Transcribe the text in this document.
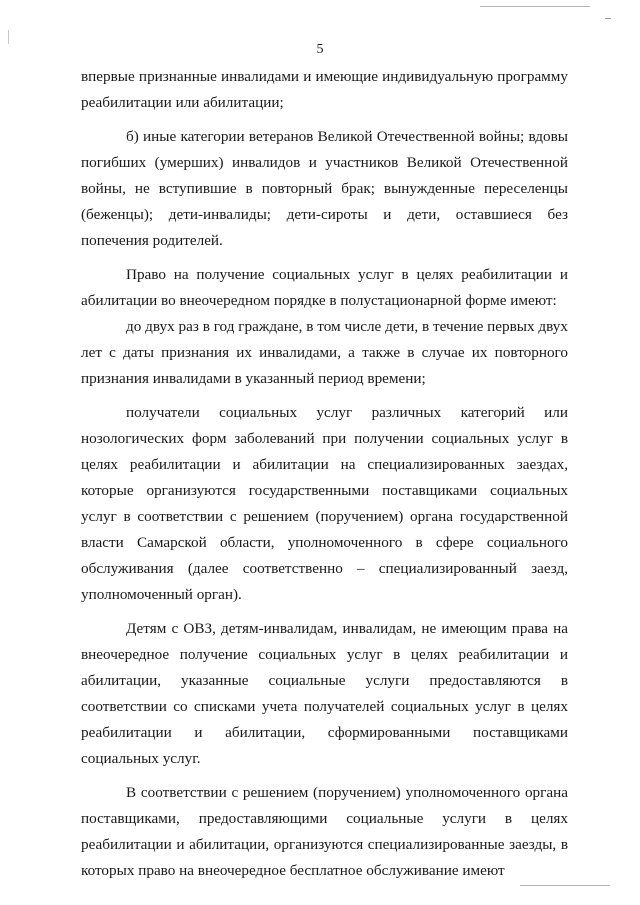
5

впервые признанные инвалидами и имеющие индивидуальную программу реабилитации или абилитации;

б) иные категории ветеранов Великой Отечественной войны; вдовы погибших (умерших) инвалидов и участников Великой Отечественной войны, не вступившие в повторный брак; вынужденные переселенцы (беженцы); дети-инвалиды; дети-сироты и дети, оставшиеся без попечения родителей.

Право на получение социальных услуг в целях реабилитации и абилитации во внеочередном порядке в полустационарной форме имеют:

до двух раз в год граждане, в том числе дети, в течение первых двух лет с даты признания их инвалидами, а также в случае их повторного признания инвалидами в указанный период времени;

получатели социальных услуг различных категорий или нозологических форм заболеваний при получении социальных услуг в целях реабилитации и абилитации на специализированных заездах, которые организуются государственными поставщиками социальных услуг в соответствии с решением (поручением) органа государственной власти Самарской области, уполномоченного в сфере социального обслуживания (далее соответственно – специализированный заезд, уполномоченный орган).

Детям с ОВЗ, детям-инвалидам, инвалидам, не имеющим права на внеочередное получение социальных услуг в целях реабилитации и абилитации, указанные социальные услуги предоставляются в соответствии со списками учета получателей социальных услуг в целях реабилитации и абилитации, сформированными поставщиками социальных услуг.

В соответствии с решением (поручением) уполномоченного органа поставщиками, предоставляющими социальные услуги в целях реабилитации и абилитации, организуются специализированные заезды, в которых право на внеочередное бесплатное обслуживание имеют
